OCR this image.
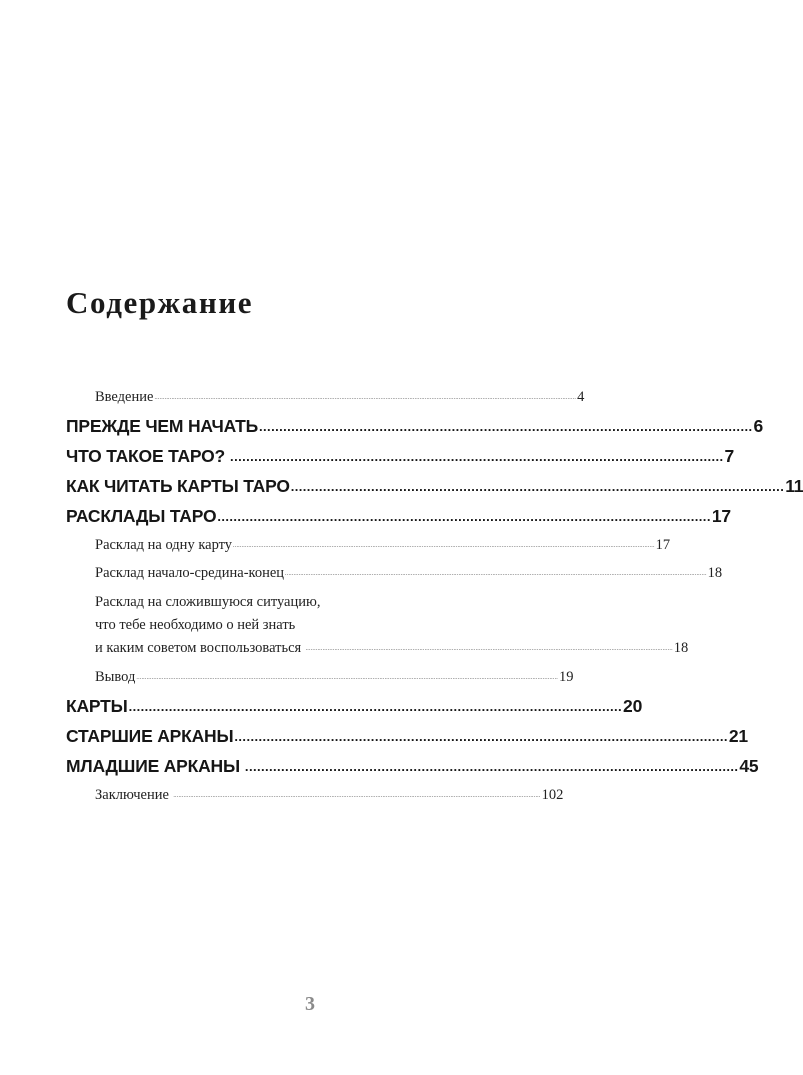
Содержание
Введение ........................................................................................................................................................................................................................................................ 4
ПРЕЖДЕ ЧЕМ НАЧАТЬ ........................................................................................................................... 6
ЧТО ТАКОЕ ТАРО? ........................................................................................................................... 7
КАК ЧИТАТЬ КАРТЫ ТАРО ........................................................................................................................... 11
РАСКЛАДЫ ТАРО ........................................................................................................................... 17
Расклад на одну карту ........................................................................................................................................................................................................................................................ 17
Расклад начало-средина-конец ........................................................................................................................................................................................................................................................ 18
Расклад на сложившуюся ситуацию,
что тебе необходимо о ней знать
и каким советом воспользоваться ........................................................................................................................................................................................................................ 18
Вывод ........................................................................................................................................................................................................................................................ 19
КАРТЫ ........................................................................................................................... 20
СТАРШИЕ АРКАНЫ ........................................................................................................................... 21
МЛАДШИЕ АРКАНЫ ........................................................................................................................... 45
Заключение ........................................................................................................................................................................................................................ 102
3
